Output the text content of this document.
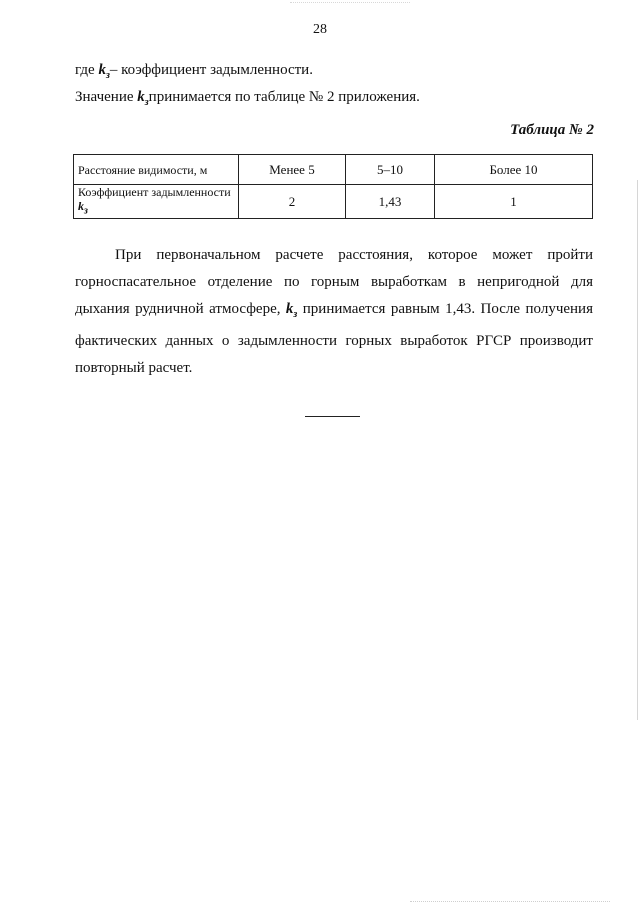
28
где $k_з-$ коэффициент задымленности.
Значение $k_зпринимается$ по таблице № 2 приложения.
Таблица № 2
Расстояние видимости, м	Менее 5	5–10	Более 10
Коэффициент задымленности $k_з$	2	1,43	1

При первоначальном расчете расстояния, которое может пройти горноспасательное отделение по горным выработкам в непригодной для дыхания рудничной атмосфере, $k_з$ принимается равным 1,43. После получения фактических данных о задымленности горных выработок РГСР производит повторный расчет.
